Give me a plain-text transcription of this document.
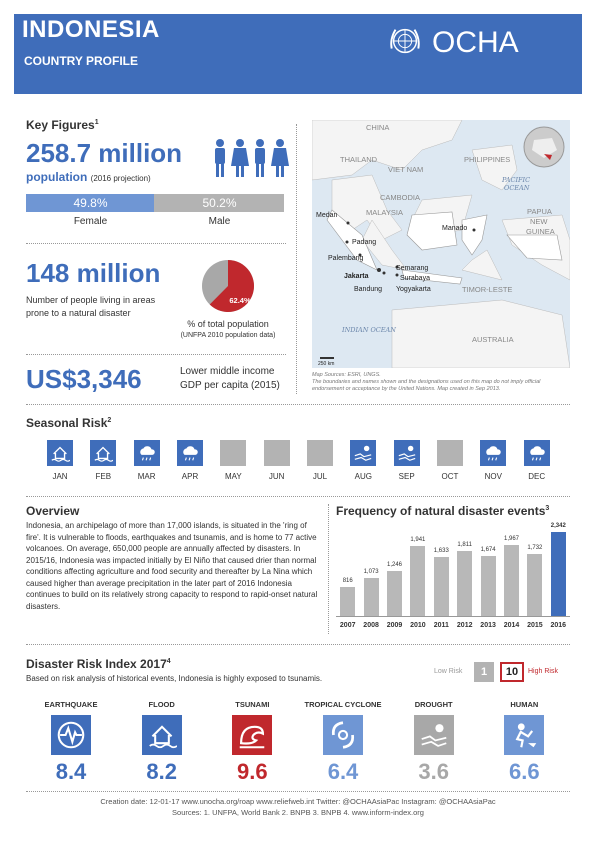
INDONESIA
COUNTRY PROFILE
OCHA
Key Figures$^1$
258.7 million
population (2016 projection)
49.8%	50.2%
Female	Male
148 million
Number of people living in areas prone to a natural disaster
62.4%
% of total population
(UNFPA 2010 population data)
US$3,346	Lower middle income
GDP per capita (2015)
CHINA
THAILAND
VIET NAM
PHILIPPINES
CAMBODIA
MALAYSIA	PAPUA
NEW
GUINEA
TIMOR-LESTE
AUSTRALIA
PACIFIC
OCEAN
INDIAN OCEAN
Medan
Manado
Padang
Palembang
Semarang
Jakarta	Surabaya
Bandung Yogyakarta
250 km
Map Sources: ESRI, UNGS.
The boundaries and names shown and the designations used on this map do not imply official endorsement or acceptance by the United Nations. Map created in Sep 2013.
Seasonal Risk$^2$
JAN	FEB	MAR	APR	MAY	JUN	JUL	AUG	SEP	OCT	NOV	DEC
Overview
Indonesia, an archipelago of more than 17,000 islands, is situated in the 'ring of fire'. It is vulnerable to floods, earthquakes and tsunamis, and is home to 77 active volcanoes. On average, 650,000 people are annually affected by disasters. In 2015/16, Indonesia was impacted initially by El Niño that caused drier than normal conditions affecting agriculture and food security and thereafter by La Nina which caused higher than average precipitation in the later part of 2016 Indonesia continues to build on its relatively strong capacity to respond to rapid-onset natural disasters.
Frequency of natural disaster events$^3$
816
2007
1,073
2008
1,246
2009
1,941
2010
1,633
2011
1,811
2012
1,674
2013
1,967
2014
1,732
2015
2,342
2016
Disaster Risk Index 2017$^4$
Based on risk analysis of historical events, Indonesia is highly exposed to tsunamis.
Low Risk	1	10	High Risk
EARTHQUAKE
8.4
FLOOD
8.2
TSUNAMI
9.6
TROPICAL CYCLONE
6.4
DROUGHT
3.6
HUMAN
6.6
Creation date: 12-01-17 www.unocha.org/roap www.reliefweb.int Twitter: @OCHAAsiaPac Instagram: @OCHAAsiaPac
Sources: 1. UNFPA, World Bank 2. BNPB 3. BNPB 4. www.inform-index.org
